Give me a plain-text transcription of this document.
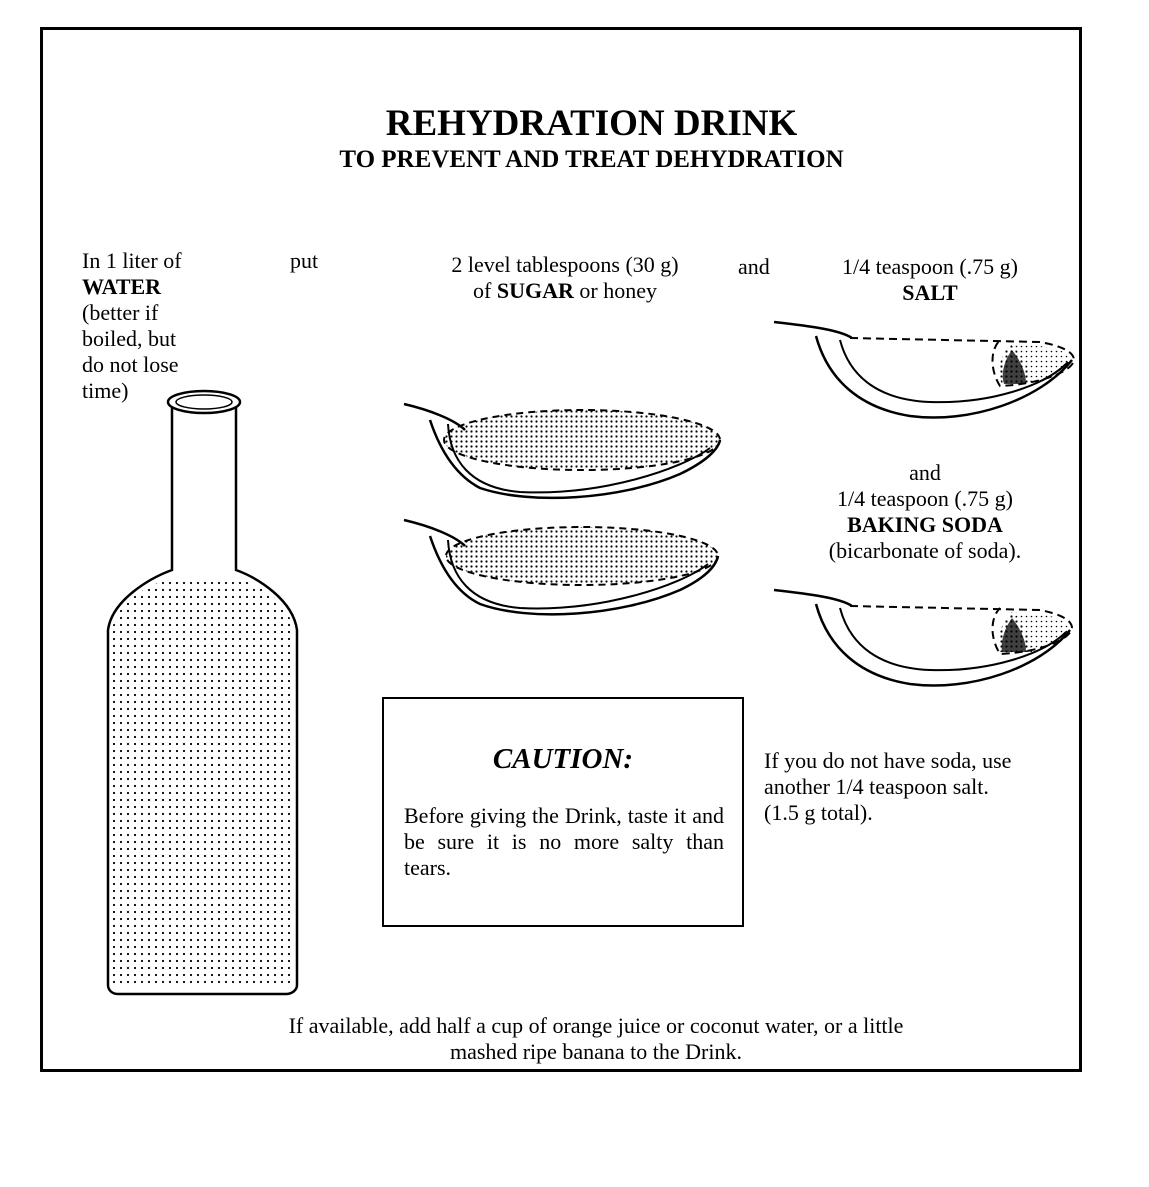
REHYDRATION DRINK
TO PREVENT AND TREAT DEHYDRATION
In 1 liter of
WATER
(better if
boiled, but
do not lose
time)
put	2 level tablespoons (30 g)
of SUGAR or honey
and	1/4 teaspoon (.75 g)
SALT
and
1/4 teaspoon (.75 g)
BAKING SODA
(bicarbonate of soda).
CAUTION:
Before giving the Drink, taste it and be sure it is no more salty than tears.
If you do not have soda, use
another 1/4 teaspoon salt.
(1.5 g total).
If available, add half a cup of orange juice or coconut water, or a little
mashed ripe banana to the Drink.
